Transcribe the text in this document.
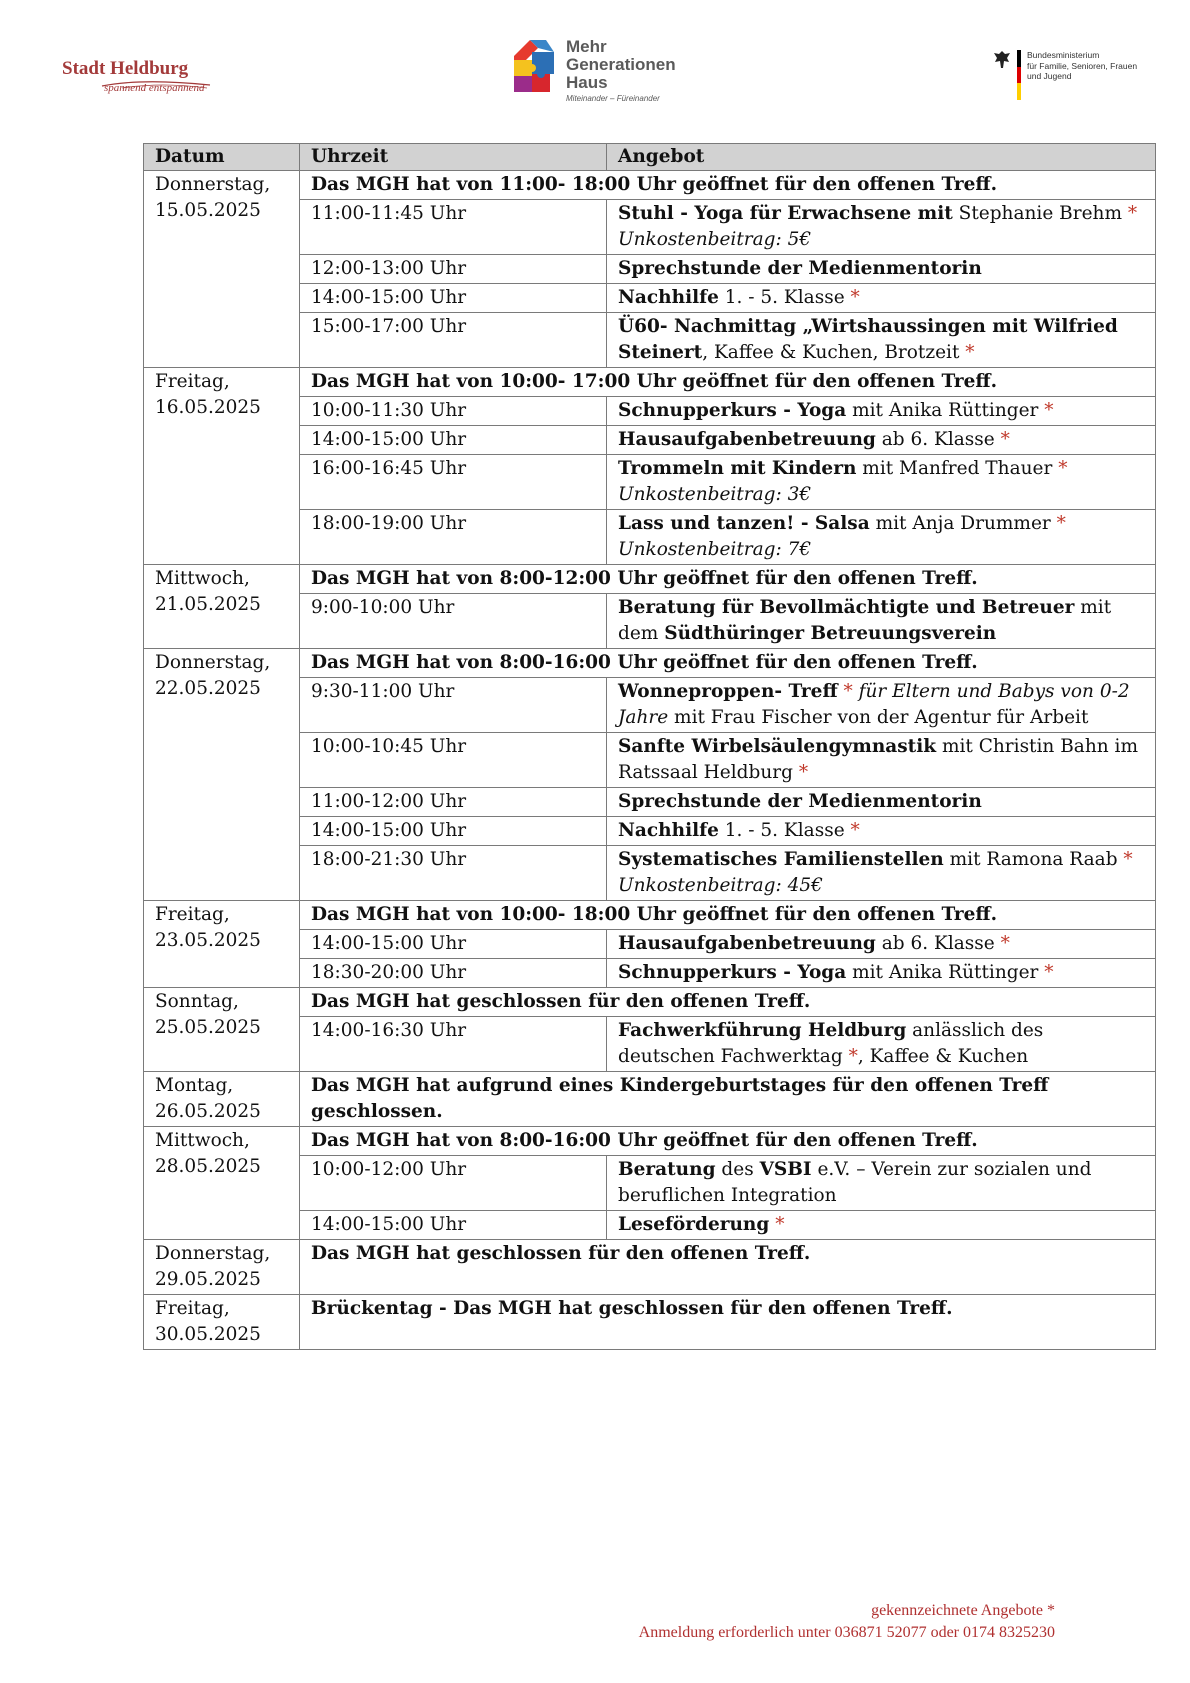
Stadt Heldburg
spannend entspannend
Mehr
Generationen
Haus
Miteinander – Füreinander
Bundesministerium
für Familie, Senioren, Frauen
und Jugend
Datum	Uhrzeit	Angebot

Donnerstag,
15.05.2025	Das MGH hat von 11:00- 18:00 Uhr geöffnet für den offenen Treff.	
	11:00-11:45 Uhr	Stuhl - Yoga für Erwachsene mit Stephanie Brehm *
Unkostenbeitrag: 5€

	12:00-13:00 Uhr	Sprechstunde der Medienmentorin
	14:00-15:00 Uhr	Nachhilfe 1. - 5. Klasse *
	15:00-17:00 Uhr	Ü60- Nachmittag „Wirtshaussingen mit Wilfried Steinert, Kaffee & Kuchen, Brotzeit *

Freitag,
16.05.2025	Das MGH hat von 10:00- 17:00 Uhr geöffnet für den offenen Treff.	
	10:00-11:30 Uhr	Schnupperkurs - Yoga mit Anika Rüttinger *
	14:00-15:00 Uhr	Hausaufgabenbetreuung ab 6. Klasse *
	16:00-16:45 Uhr	Trommeln mit Kindern mit Manfred Thauer *
Unkostenbeitrag: 3€

	18:00-19:00 Uhr	Lass und tanzen! - Salsa mit Anja Drummer *
Unkostenbeitrag: 7€

Mittwoch,
21.05.2025	Das MGH hat von 8:00-12:00 Uhr geöffnet für den offenen Treff.	
	9:00-10:00 Uhr	Beratung für Bevollmächtigte und Betreuer mit dem Südthüringer Betreuungsverein

Donnerstag,
22.05.2025	Das MGH hat von 8:00-16:00 Uhr geöffnet für den offenen Treff.	
	9:30-11:00 Uhr	Wonneproppen- Treff * für Eltern und Babys von 0-2 Jahre mit Frau Fischer von der Agentur für Arbeit
	10:00-10:45 Uhr	Sanfte Wirbelsäulengymnastik mit Christin Bahn im Ratssaal Heldburg *
	11:00-12:00 Uhr	Sprechstunde der Medienmentorin
	14:00-15:00 Uhr	Nachhilfe 1. - 5. Klasse *
	18:00-21:30 Uhr	Systematisches Familienstellen mit Ramona Raab *
Unkostenbeitrag: 45€

Freitag,
23.05.2025	Das MGH hat von 10:00- 18:00 Uhr geöffnet für den offenen Treff.	
	14:00-15:00 Uhr	Hausaufgabenbetreuung ab 6. Klasse *
	18:30-20:00 Uhr	Schnupperkurs - Yoga mit Anika Rüttinger *

Sonntag,
25.05.2025	Das MGH hat geschlossen für den offenen Treff.	
	14:00-16:30 Uhr	Fachwerkführung Heldburg anlässlich des deutschen Fachwerktag *, Kaffee & Kuchen

Montag,
26.05.2025	Das MGH hat aufgrund eines Kindergeburtstages für den offenen Treff geschlossen.	

Mittwoch,
28.05.2025	Das MGH hat von 8:00-16:00 Uhr geöffnet für den offenen Treff.	
	10:00-12:00 Uhr	Beratung des VSBI e.V. – Verein zur sozialen und beruflichen Integration
	14:00-15:00 Uhr	Leseförderung *

Donnerstag,
29.05.2025	Das MGH hat geschlossen für den offenen Treff.	

Freitag,
30.05.2025	Brückentag - Das MGH hat geschlossen für den offenen Treff.	
gekennzeichnete Angebote *
Anmeldung erforderlich unter 036871 52077 oder 0174 8325230
